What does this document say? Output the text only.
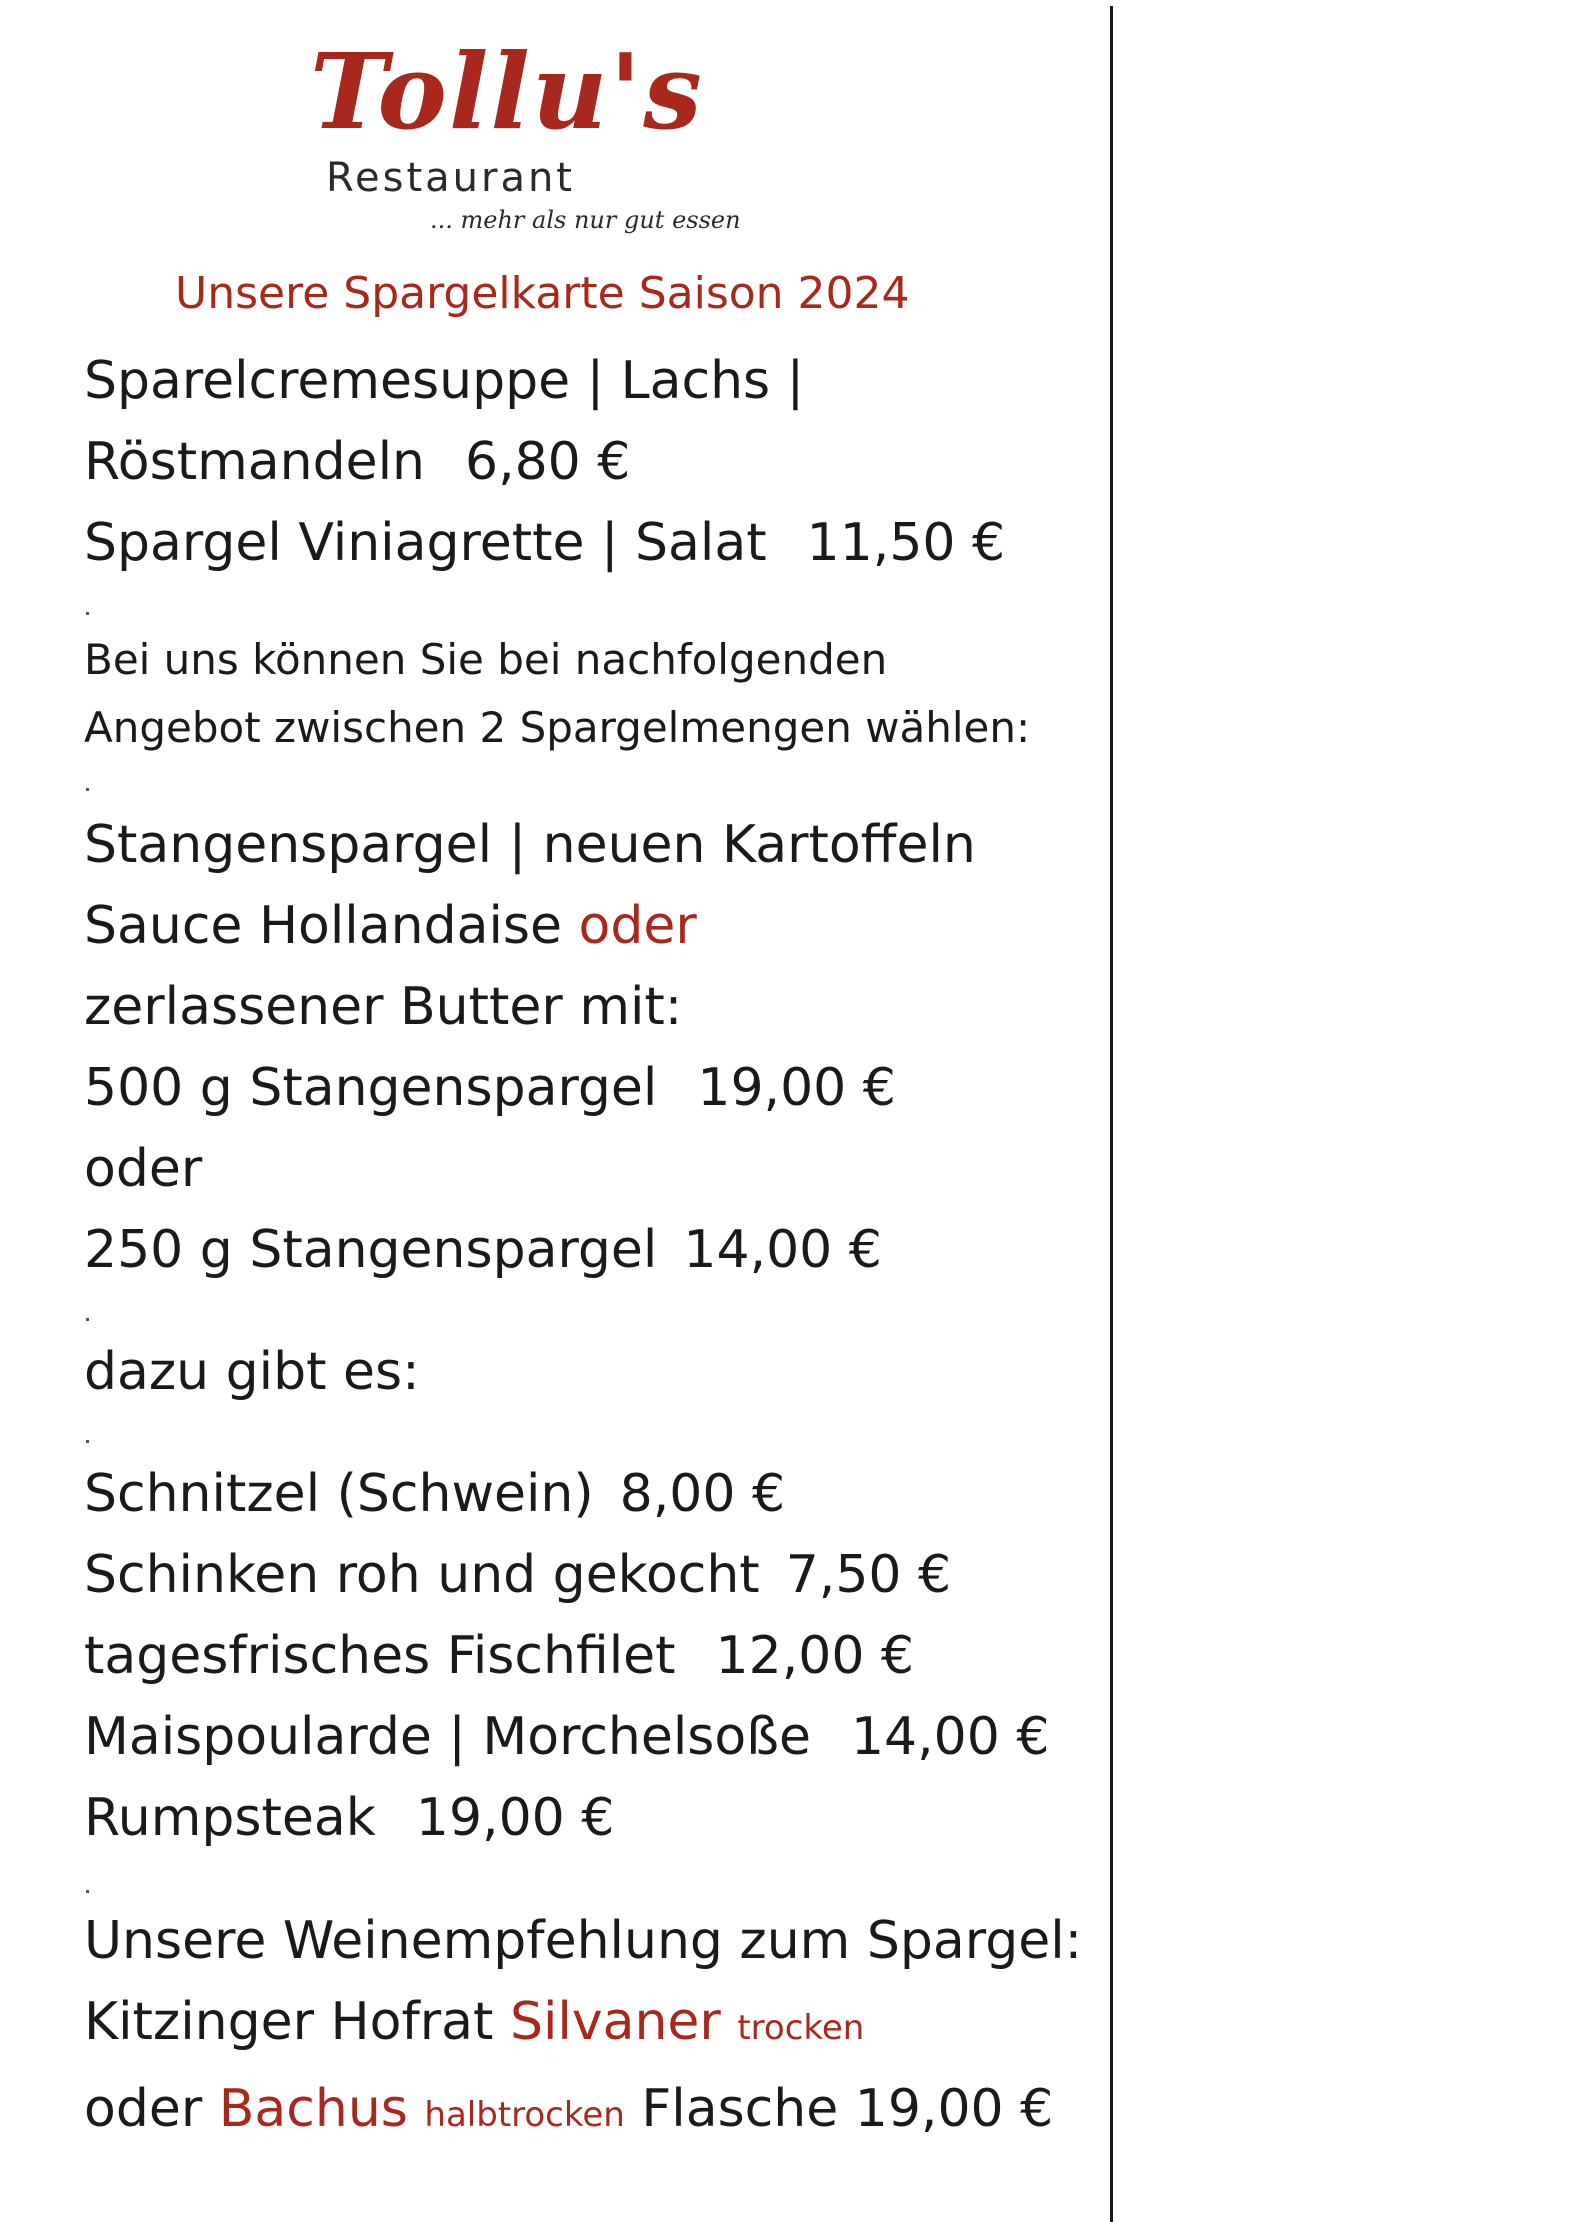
Tollu's
Restaurant
... mehr als nur gut essen
Unsere Spargelkarte Saison 2024
Sparelcremesuppe | Lachs |
Röstmandeln 6,80 €
Spargel Viniagrette | Salat 11,50 €
Bei uns können Sie bei nachfolgenden
Angebot zwischen 2 Spargelmengen wählen:
Stangenspargel | neuen Kartoffeln
Sauce Hollandaise oder
zerlassener Butter mit:
500 g Stangenspargel 19,00 €
oder
250 g Stangenspargel 14,00 €
dazu gibt es:
Schnitzel (Schwein) 8,00 €
Schinken roh und gekocht 7,50 €
tagesfrisches Fischfilet 12,00 €
Maispoularde | Morchelsoße 14,00 €
Rumpsteak 19,00 €
Unsere Weinempfehlung zum Spargel:
Kitzinger Hofrat Silvaner trocken
oder Bachus halbtrocken Flasche 19,00 €
